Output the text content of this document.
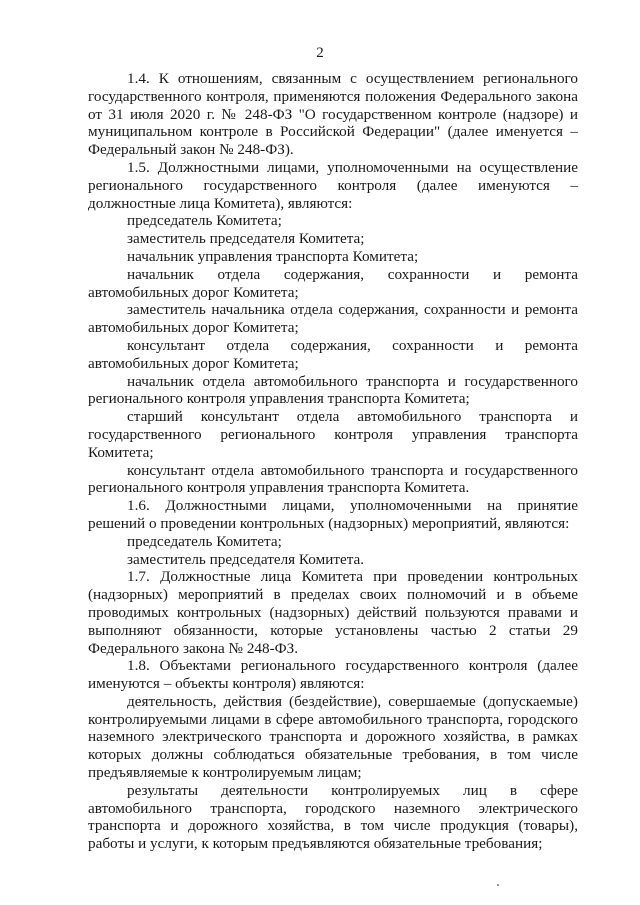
2

1.4. К отношениям, связанным с осуществлением регионального государственного контроля, применяются положения Федерального закона от 31 июля 2020 г. № 248-ФЗ "О государственном контроле (надзоре) и муниципальном контроле в Российской Федерации" (далее именуется – Федеральный закон № 248-ФЗ).

1.5. Должностными лицами, уполномоченными на осуществление регионального государственного контроля (далее именуются – должностные лица Комитета), являются:

председатель Комитета;

заместитель председателя Комитета;

начальник управления транспорта Комитета;

начальник отдела содержания, сохранности и ремонта автомобильных дорог Комитета;

заместитель начальника отдела содержания, сохранности и ремонта автомобильных дорог Комитета;

консультант отдела содержания, сохранности и ремонта автомобильных дорог Комитета;

начальник отдела автомобильного транспорта и государственного регионального контроля управления транспорта Комитета;

старший консультант отдела автомобильного транспорта и государственного регионального контроля управления транспорта Комитета;

консультант отдела автомобильного транспорта и государственного регионального контроля управления транспорта Комитета.

1.6. Должностными лицами, уполномоченными на принятие решений о проведении контрольных (надзорных) мероприятий, являются:

председатель Комитета;

заместитель председателя Комитета.

1.7. Должностные лица Комитета при проведении контрольных (надзорных) мероприятий в пределах своих полномочий и в объеме проводимых контрольных (надзорных) действий пользуются правами и выполняют обязанности, которые установлены частью 2 статьи 29 Федерального закона № 248-ФЗ.

1.8. Объектами регионального государственного контроля (далее именуются – объекты контроля) являются:

деятельность, действия (бездействие), совершаемые (допускаемые) контролируемыми лицами в сфере автомобильного транспорта, городского наземного электрического транспорта и дорожного хозяйства, в рамках которых должны соблюдаться обязательные требования, в том числе предъявляемые к контролируемым лицам;

результаты деятельности контролируемых лиц в сфере автомобильного транспорта, городского наземного электрического транспорта и дорожного хозяйства, в том числе продукция (товары), работы и услуги, к которым предъявляются обязательные требования;
